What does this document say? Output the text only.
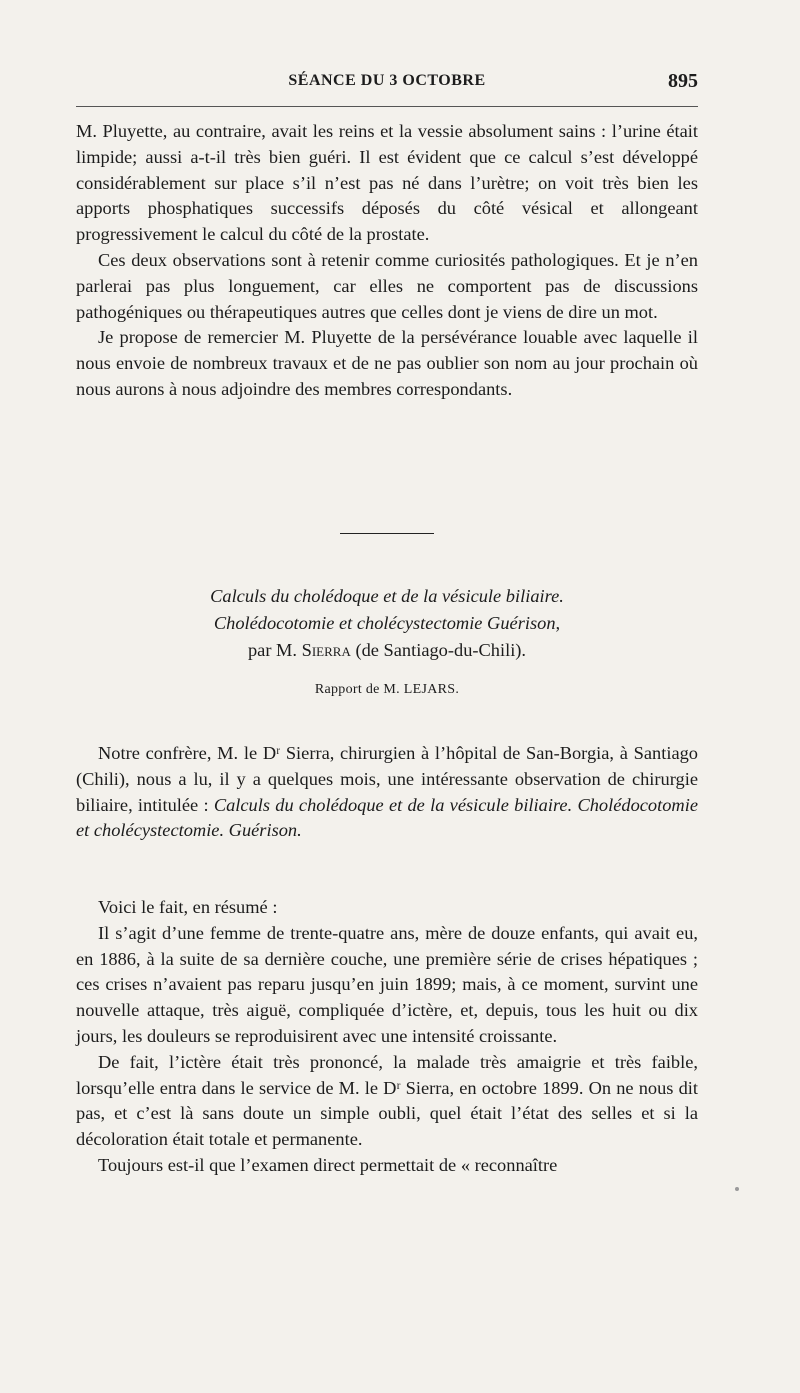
SÉANCE DU 3 OCTOBRE	895

M. Pluyette, au contraire, avait les reins et la vessie absolument sains : l’urine était limpide; aussi a-t-il très bien guéri. Il est évident que ce calcul s’est développé considérablement sur place s’il n’est pas né dans l’urètre; on voit très bien les apports phosphatiques successifs déposés du côté vésical et allongeant progressivement le calcul du côté de la prostate.

Ces deux observations sont à retenir comme curiosités pathologiques. Et je n’en parlerai pas plus longuement, car elles ne comportent pas de discussions pathogéniques ou thérapeutiques autres que celles dont je viens de dire un mot.

Je propose de remercier M. Pluyette de la persévérance louable avec laquelle il nous envoie de nombreux travaux et de ne pas oublier son nom au jour prochain où nous aurons à nous adjoindre des membres correspondants.

Calculs du cholédoque et de la vésicule biliaire.
Cholédocotomie et cholécystectomie Guérison,
par M. Sierra (de Santiago-du-Chili).
Rapport de M. LEJARS.

Notre confrère, M. le Dʳ Sierra, chirurgien à l’hôpital de San-Borgia, à Santiago (Chili), nous a lu, il y a quelques mois, une intéressante observation de chirurgie biliaire, intitulée : Calculs du cholédoque et de la vésicule biliaire. Cholédocotomie et cholécystectomie. Guérison.

Voici le fait, en résumé :

Il s’agit d’une femme de trente-quatre ans, mère de douze enfants, qui avait eu, en 1886, à la suite de sa dernière couche, une première série de crises hépatiques ; ces crises n’avaient pas reparu jusqu’en juin 1899; mais, à ce moment, survint une nouvelle attaque, très aiguë, compliquée d’ictère, et, depuis, tous les huit ou dix jours, les douleurs se reproduisirent avec une intensité croissante.

De fait, l’ictère était très prononcé, la malade très amaigrie et très faible, lorsqu’elle entra dans le service de M. le Dʳ Sierra, en octobre 1899. On ne nous dit pas, et c’est là sans doute un simple oubli, quel était l’état des selles et si la décoloration était totale et permanente.

Toujours est-il que l’examen direct permettait de « reconnaître
